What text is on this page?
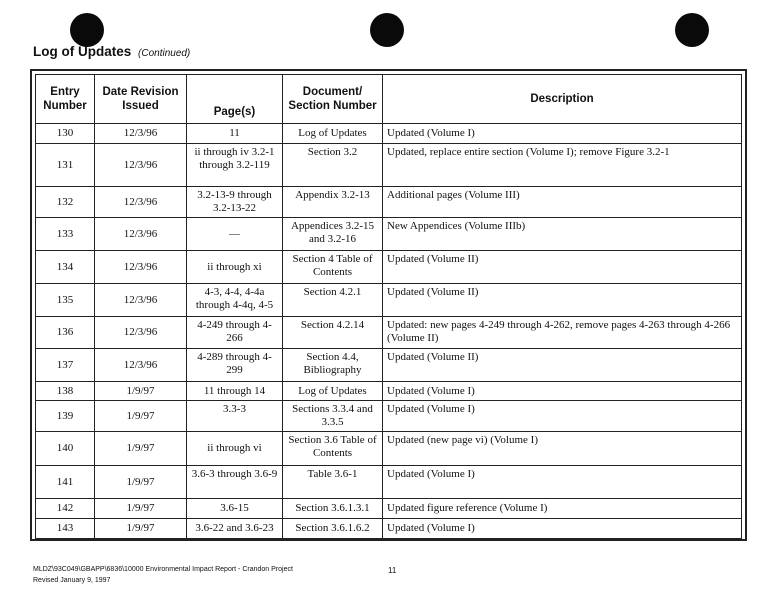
Log of Updates (Continued)
Entry Number	Date Revision Issued	Page(s)	Document/ Section Number	Description
130	12/3/96	11	Log of Updates	Updated (Volume I)
131	12/3/96	ii through iv 3.2-1 through 3.2-119	Section 3.2	Updated, replace entire section (Volume I); remove Figure 3.2-1
132	12/3/96	3.2-13-9 through 3.2-13-22	Appendix 3.2-13	Additional pages (Volume III)
133	12/3/96	—	Appendices 3.2-15 and 3.2-16	New Appendices (Volume IIIb)
134	12/3/96	ii through xi	Section 4 Table of Contents	Updated (Volume II)
135	12/3/96	4-3, 4-4, 4-4a through 4-4q, 4-5	Section 4.2.1	Updated (Volume II)
136	12/3/96	4-249 through 4-266	Section 4.2.14	Updated: new pages 4-249 through 4-262, remove pages 4-263 through 4-266 (Volume II)
137	12/3/96	4-289 through 4-299	Section 4.4, Bibliography	Updated (Volume II)
138	1/9/97	11 through 14	Log of Updates	Updated (Volume I)
139	1/9/97	3.3-3	Sections 3.3.4 and 3.3.5	Updated (Volume I)
140	1/9/97	ii through vi	Section 3.6 Table of Contents	Updated (new page vi) (Volume I)
141	1/9/97	3.6-3 through 3.6-9	Table 3.6-1	Updated (Volume I)
142	1/9/97	3.6-15	Section 3.6.1.3.1	Updated figure reference (Volume I)
143	1/9/97	3.6-22 and 3.6-23	Section 3.6.1.6.2	Updated (Volume I)
MLDZ\93C049\GBAPP\6836\10000 Environmental Impact Report - Crandon Project
Revised January 9, 1997
11
